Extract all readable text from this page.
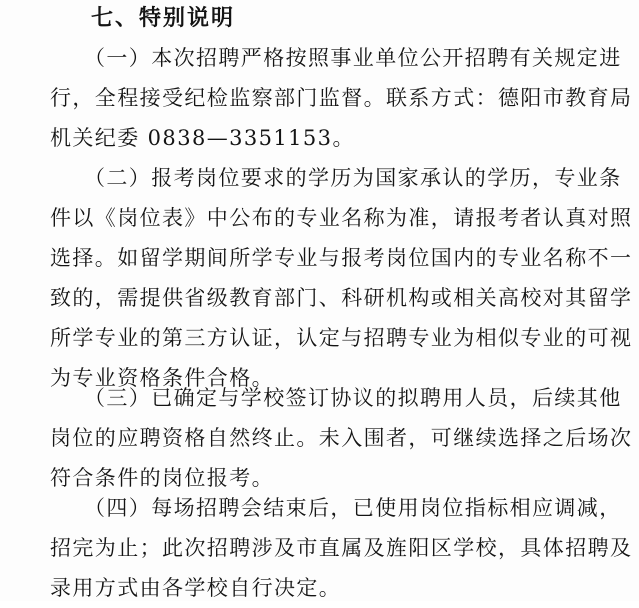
七、特别说明
（一）本次招聘严格按照事业单位公开招聘有关规定进
行，全程接受纪检监察部门监督。联系方式：德阳市教育局
机关纪委 0838—3351153。
（二）报考岗位要求的学历为国家承认的学历，专业条
件以《岗位表》中公布的专业名称为准，请报考者认真对照
选择。如留学期间所学专业与报考岗位国内的专业名称不一
致的，需提供省级教育部门、科研机构或相关高校对其留学
所学专业的第三方认证，认定与招聘专业为相似专业的可视
为专业资格条件合格。
（三）已确定与学校签订协议的拟聘用人员，后续其他
岗位的应聘资格自然终止。未入围者，可继续选择之后场次
符合条件的岗位报考。
（四）每场招聘会结束后，已使用岗位指标相应调减，
招完为止；此次招聘涉及市直属及旌阳区学校，具体招聘及
录用方式由各学校自行决定。
